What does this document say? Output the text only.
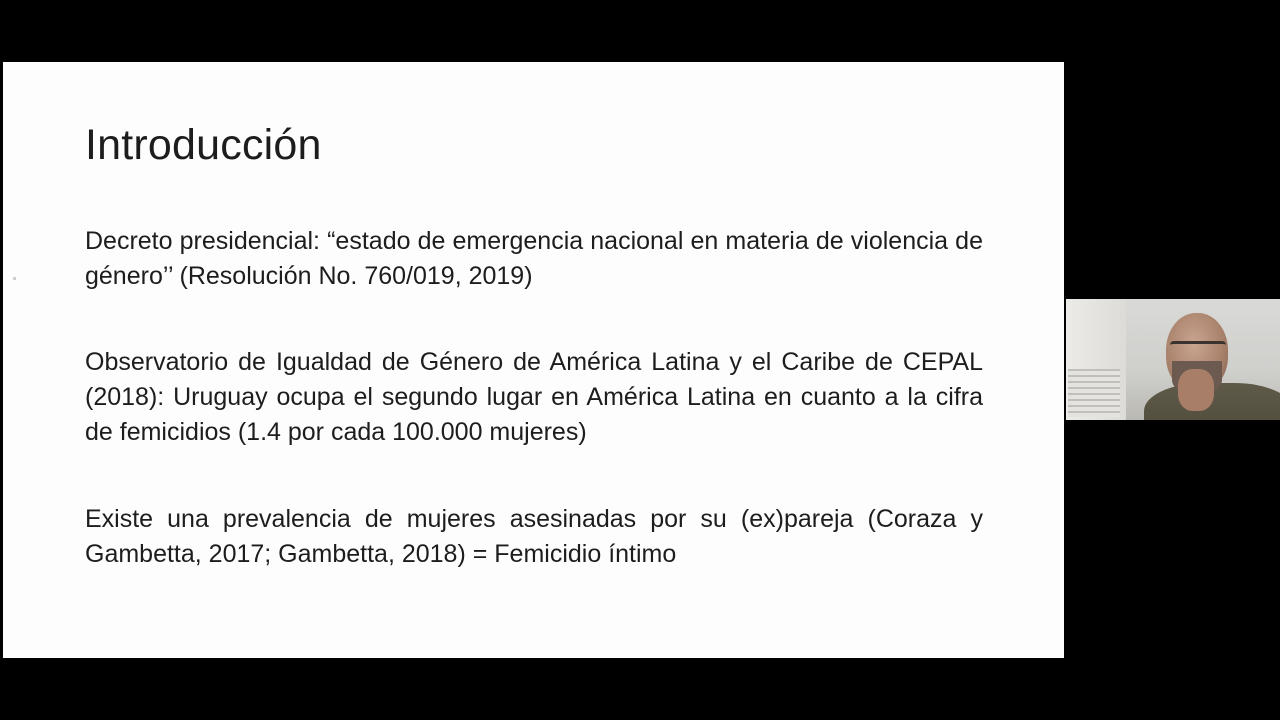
Introducción

Decreto presidencial: “estado de emergencia nacional en materia de violencia de género’’ (Resolución No. 760/019, 2019)

Observatorio de Igualdad de Género de América Latina y el Caribe de CEPAL (2018): Uruguay ocupa el segundo lugar en América Latina en cuanto a la cifra de femicidios (1.4 por cada 100.000 mujeres)

Existe una prevalencia de mujeres asesinadas por su (ex)pareja (Coraza y Gambetta, 2017; Gambetta, 2018) = Femicidio íntimo
